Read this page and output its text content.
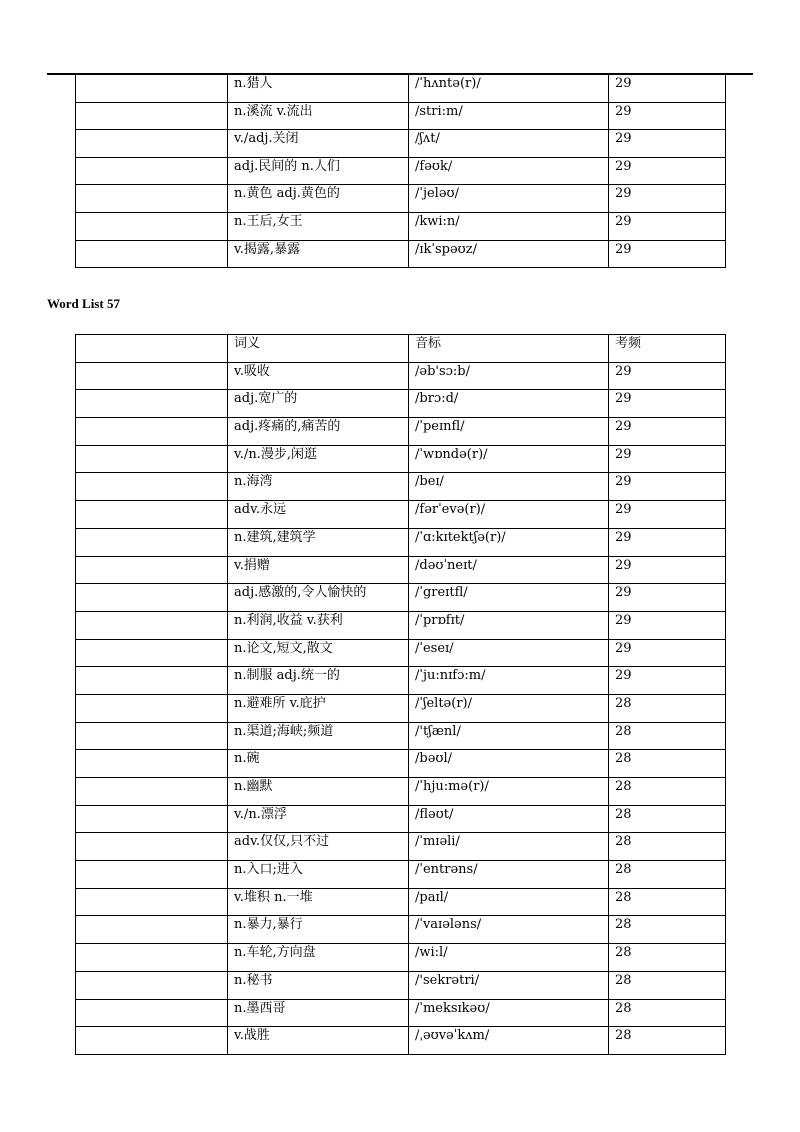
	n.猎人	/ˈhʌntə(r)/	29
	n.溪流 v.流出	/stri:m/	29
	v./adj.关闭	/ʃʌt/	29
	adj.民间的 n.人们	/fəʊk/	29
	n.黄色 adj.黄色的	/ˈjeləʊ/	29
	n.王后,女王	/kwi:n/	29
	v.揭露,暴露	/ɪkˈspəʊz/	29
Word List 57
	词义	音标	考频
	v.吸收	/əb'sɔ:b/	29
	adj.宽广的	/brɔ:d/	29
	adj.疼痛的,痛苦的	/ˈpeɪnfl/	29
	v./n.漫步,闲逛	/ˈwɒndə(r)/	29
	n.海湾	/beɪ/	29
	adv.永远	/fərˈevə(r)/	29
	n.建筑,建筑学	/ˈɑ:kɪtektʃə(r)/	29
	v.捐赠	/dəʊˈneɪt/	29
	adj.感激的,令人愉快的	/ˈgreɪtfl/	29
	n.利润,收益 v.获利	/ˈprɒfɪt/	29
	n.论文,短文,散文	/ˈeseɪ/	29
	n.制服 adj.统一的	/ˈju:nɪfɔ:m/	29
	n.避难所 v.庇护	/ˈʃeltə(r)/	28
	n.渠道;海峡;频道	/'tʃænl/	28
	n.碗	/bəʊl/	28
	n.幽默	/ˈhju:mə(r)/	28
	v./n.漂浮	/fləʊt/	28
	adv.仅仅,只不过	/ˈmɪəli/	28
	n.入口;进入	/ˈentrəns/	28
	v.堆积 n.一堆	/paɪl/	28
	n.暴力,暴行	/ˈvaɪələns/	28
	n.车轮,方向盘	/wi:l/	28
	n.秘书	/'sekrətri/	28
	n.墨西哥	/ˈmeksɪkəʊ/	28
	v.战胜	/ˌəʊvəˈkʌm/	28
